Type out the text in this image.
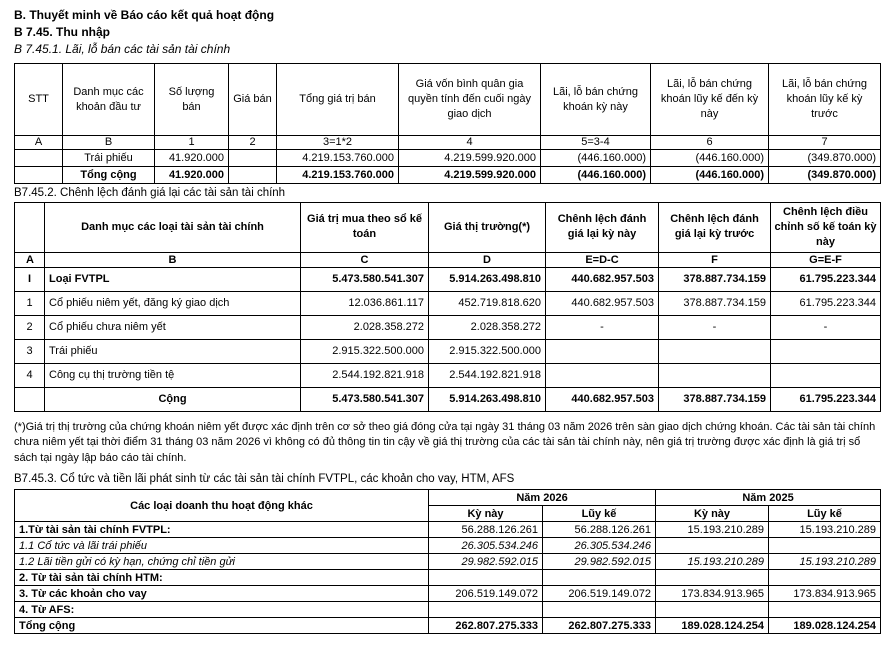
B. Thuyết minh về Báo cáo kết quả hoạt động
B 7.45. Thu nhập
B 7.45.1. Lãi, lỗ bán các tài sản tài chính
STT	Danh mục các khoản đầu tư	Số lượng bán	Giá bán	Tổng giá trị bán	Giá vốn bình quân gia quyền tính đến cuối ngày giao dịch	Lãi, lỗ bán chứng khoán kỳ này	Lãi, lỗ bán chứng khoán lũy kế đến kỳ này	Lãi, lỗ bán chứng khoán lũy kế kỳ trước
A	B	1	2	3=1*2	4	5=3-4	6	7
	Trái phiếu	41.920.000		4.219.153.760.000	4.219.599.920.000	(446.160.000)	(446.160.000)	(349.870.000)
	Tổng cộng	41.920.000		4.219.153.760.000	4.219.599.920.000	(446.160.000)	(446.160.000)	(349.870.000)
B7.45.2. Chênh lệch đánh giá lại các tài sản tài chính
	Danh mục các loại tài sản tài chính	Giá trị mua theo sổ kế toán	Giá thị trường(*)	Chênh lệch đánh giá lại kỳ này	Chênh lệch đánh giá lại kỳ trước	Chênh lệch điều chỉnh số kế toán kỳ này
A	B	C	D	E=D-C	F	G=E-F
I	Loại FVTPL	5.473.580.541.307	5.914.263.498.810	440.682.957.503	378.887.734.159	61.795.223.344
1	Cổ phiếu niêm yết, đăng ký giao dịch	12.036.861.117	452.719.818.620	440.682.957.503	378.887.734.159	61.795.223.344
2	Cổ phiếu chưa niêm yết	2.028.358.272	2.028.358.272	-	-	-
3	Trái phiếu	2.915.322.500.000	2.915.322.500.000			
4	Công cụ thị trường tiền tệ	2.544.192.821.918	2.544.192.821.918			
	Cộng	5.473.580.541.307	5.914.263.498.810	440.682.957.503	378.887.734.159	61.795.223.344
(*)Giá trị thị trường của chứng khoán niêm yết được xác định trên cơ sở theo giá đóng cửa tại ngày 31 tháng 03 năm 2026 trên sàn giao dịch chứng khoán. Các tài sản tài chính chưa niêm yết tại thời điểm 31 tháng 03 năm 2026 vì không có đủ thông tin tin cậy về giá thị trường của các tài sản tài chính này, nên giá trị trường được xác định là giá trị sổ sách tại ngày lập báo cáo tài chính.
B7.45.3. Cổ tức và tiền lãi phát sinh từ các tài sản tài chính FVTPL, các khoản cho vay, HTM, AFS
Các loại doanh thu hoạt động khác	Năm 2026		Năm 2025	
	Kỳ này	Lũy kế	Kỳ này	Lũy kế
1.Từ tài sản tài chính FVTPL:	56.288.126.261	56.288.126.261	15.193.210.289	15.193.210.289
1.1 Cổ tức và lãi trái phiếu	26.305.534.246	26.305.534.246		
1.2 Lãi tiền gửi có kỳ hạn, chứng chỉ tiền gửi	29.982.592.015	29.982.592.015	15.193.210.289	15.193.210.289
2. Từ tài sản tài chính HTM:				
3. Từ các khoản cho vay	206.519.149.072	206.519.149.072	173.834.913.965	173.834.913.965
4. Từ AFS:				
Tổng cộng	262.807.275.333	262.807.275.333	189.028.124.254	189.028.124.254
